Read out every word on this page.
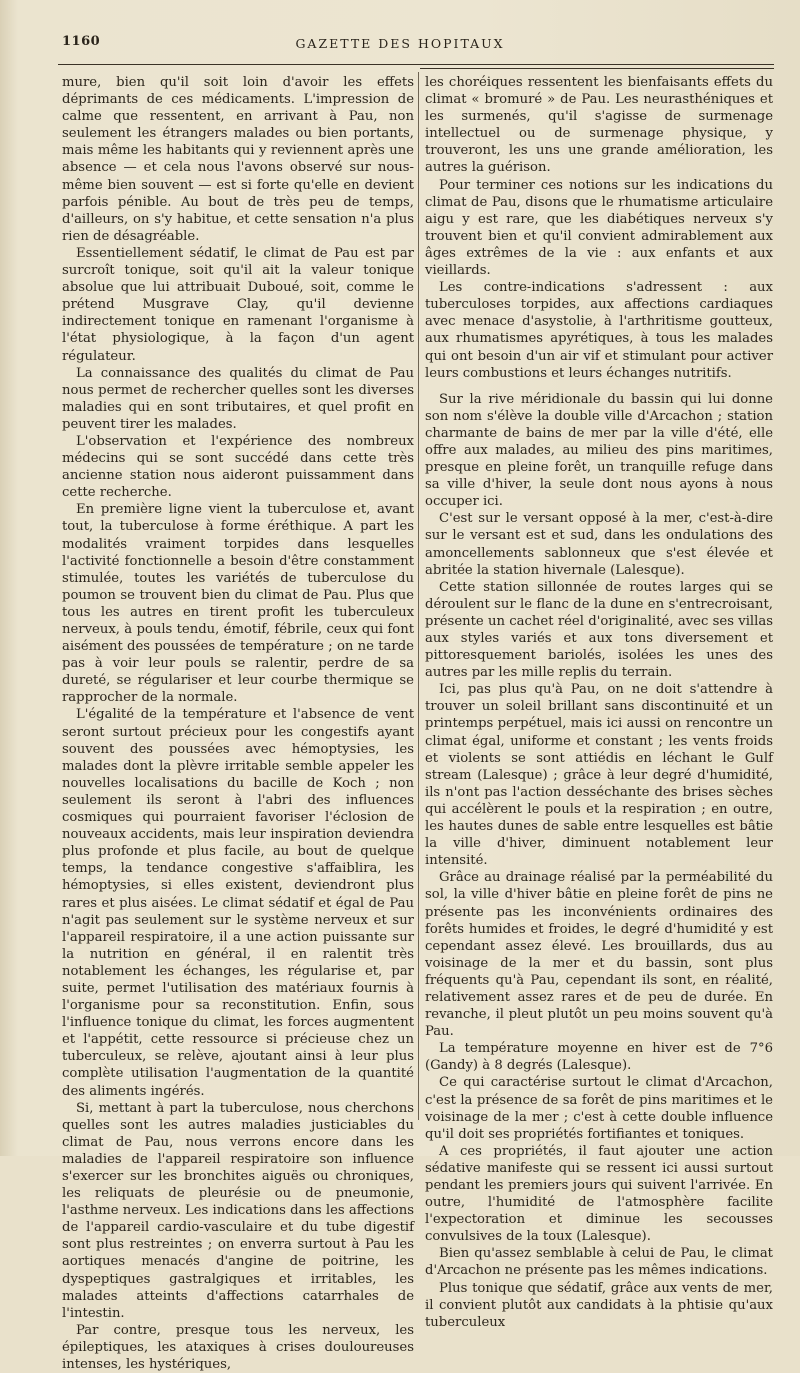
1160	GAZETTE DES HOPITAUX

mure, bien qu'il soit loin d'avoir les effets déprimants de ces médicaments. L'impression de calme que ressentent, en arrivant à Pau, non seulement les étrangers malades ou bien portants, mais même les habitants qui y reviennent après une absence — et cela nous l'avons observé sur nous-même bien souvent — est si forte qu'elle en devient parfois pénible. Au bout de très peu de temps, d'ailleurs, on s'y habitue, et cette sensation n'a plus rien de désagréable.

Essentiellement sédatif, le climat de Pau est par surcroît tonique, soit qu'il ait la valeur tonique absolue que lui attribuait Duboué, soit, comme le prétend Musgrave Clay, qu'il devienne indirectement tonique en ramenant l'organisme à l'état physiologique, à la façon d'un agent régulateur.

La connaissance des qualités du climat de Pau nous permet de rechercher quelles sont les diverses maladies qui en sont tributaires, et quel profit en peuvent tirer les malades.

L'observation et l'expérience des nombreux médecins qui se sont succédé dans cette très ancienne station nous aideront puissamment dans cette recherche.

En première ligne vient la tuberculose et, avant tout, la tuberculose à forme éréthique. A part les modalités vraiment torpides dans lesquelles l'activité fonctionnelle a besoin d'être constamment stimulée, toutes les variétés de tuberculose du poumon se trouvent bien du climat de Pau. Plus que tous les autres en tirent profit les tuberculeux nerveux, à pouls tendu, émotif, fébrile, ceux qui font aisément des poussées de température ; on ne tarde pas à voir leur pouls se ralentir, perdre de sa dureté, se régulariser et leur courbe thermique se rapprocher de la normale.

L'égalité de la température et l'absence de vent seront surtout précieux pour les congestifs ayant souvent des poussées avec hémoptysies, les malades dont la plèvre irritable semble appeler les nouvelles localisations du bacille de Koch ; non seulement ils seront à l'abri des influences cosmiques qui pourraient favoriser l'éclosion de nouveaux accidents, mais leur inspiration deviendra plus profonde et plus facile, au bout de quelque temps, la tendance congestive s'affaiblira, les hémoptysies, si elles existent, deviendront plus rares et plus aisées. Le climat sédatif et égal de Pau n'agit pas seulement sur le système nerveux et sur l'appareil respiratoire, il a une action puissante sur la nutrition en général, il en ralentit très notablement les échanges, les régularise et, par suite, permet l'utilisation des matériaux fournis à l'organisme pour sa reconstitution. Enfin, sous l'influence tonique du climat, les forces augmentent et l'appétit, cette ressource si précieuse chez un tuberculeux, se relève, ajoutant ainsi à leur plus complète utilisation l'augmentation de la quantité des aliments ingérés.

Si, mettant à part la tuberculose, nous cherchons quelles sont les autres maladies justiciables du climat de Pau, nous verrons encore dans les maladies de l'appareil respiratoire son influence s'exercer sur les bronchites aiguës ou chroniques, les reliquats de pleurésie ou de pneumonie, l'asthme nerveux. Les indications dans les affections de l'appareil cardio-vasculaire et du tube digestif sont plus restreintes ; on enverra surtout à Pau les aortiques menacés d'angine de poitrine, les dyspeptiques gastralgiques et irritables, les malades atteints d'affections catarrhales de l'intestin.

Par contre, presque tous les nerveux, les épileptiques, les ataxiques à crises douloureuses intenses, les hystériques,

les choréiques ressentent les bienfaisants effets du climat « bromuré » de Pau. Les neurasthéniques et les surmenés, qu'il s'agisse de surmenage intellectuel ou de surmenage physique, y trouveront, les uns une grande amélioration, les autres la guérison.

Pour terminer ces notions sur les indications du climat de Pau, disons que le rhumatisme articulaire aigu y est rare, que les diabétiques nerveux s'y trouvent bien et qu'il convient admirablement aux âges extrêmes de la vie : aux enfants et aux vieillards.

Les contre-indications s'adressent : aux tuberculoses torpides, aux affections cardiaques avec menace d'asystolie, à l'arthritisme goutteux, aux rhumatismes apyrétiques, à tous les malades qui ont besoin d'un air vif et stimulant pour activer leurs combustions et leurs échanges nutritifs.

Sur la rive méridionale du bassin qui lui donne son nom s'élève la double ville d'Arcachon ; station charmante de bains de mer par la ville d'été, elle offre aux malades, au milieu des pins maritimes, presque en pleine forêt, un tranquille refuge dans sa ville d'hiver, la seule dont nous ayons à nous occuper ici.

C'est sur le versant opposé à la mer, c'est-à-dire sur le versant est et sud, dans les ondulations des amoncellements sablonneux que s'est élevée et abritée la station hivernale (Lalesque).

Cette station sillonnée de routes larges qui se déroulent sur le flanc de la dune en s'entrecroisant, présente un cachet réel d'originalité, avec ses villas aux styles variés et aux tons diversement et pittoresquement bariolés, isolées les unes des autres par les mille replis du terrain.

Ici, pas plus qu'à Pau, on ne doit s'attendre à trouver un soleil brillant sans discontinuité et un printemps perpétuel, mais ici aussi on rencontre un climat égal, uniforme et constant ; les vents froids et violents se sont attiédis en léchant le Gulf stream (Lalesque) ; grâce à leur degré d'humidité, ils n'ont pas l'action desséchante des brises sèches qui accélèrent le pouls et la respiration ; en outre, les hautes dunes de sable entre lesquelles est bâtie la ville d'hiver, diminuent notablement leur intensité.

Grâce au drainage réalisé par la perméabilité du sol, la ville d'hiver bâtie en pleine forêt de pins ne présente pas les inconvénients ordinaires des forêts humides et froides, le degré d'humidité y est cependant assez élevé. Les brouillards, dus au voisinage de la mer et du bassin, sont plus fréquents qu'à Pau, cependant ils sont, en réalité, relativement assez rares et de peu de durée. En revanche, il pleut plutôt un peu moins souvent qu'à Pau.

La température moyenne en hiver est de 7°6 (Gandy) à 8 degrés (Lalesque).

Ce qui caractérise surtout le climat d'Arcachon, c'est la présence de sa forêt de pins maritimes et le voisinage de la mer ; c'est à cette double influence qu'il doit ses propriétés fortifiantes et toniques.

A ces propriétés, il faut ajouter une action sédative manifeste qui se ressent ici aussi surtout pendant les premiers jours qui suivent l'arrivée. En outre, l'humidité de l'atmosphère facilite l'expectoration et diminue les secousses convulsives de la toux (Lalesque).

Bien qu'assez semblable à celui de Pau, le climat d'Arcachon ne présente pas les mêmes indications.

Plus tonique que sédatif, grâce aux vents de mer, il convient plutôt aux candidats à la phtisie qu'aux tuberculeux
